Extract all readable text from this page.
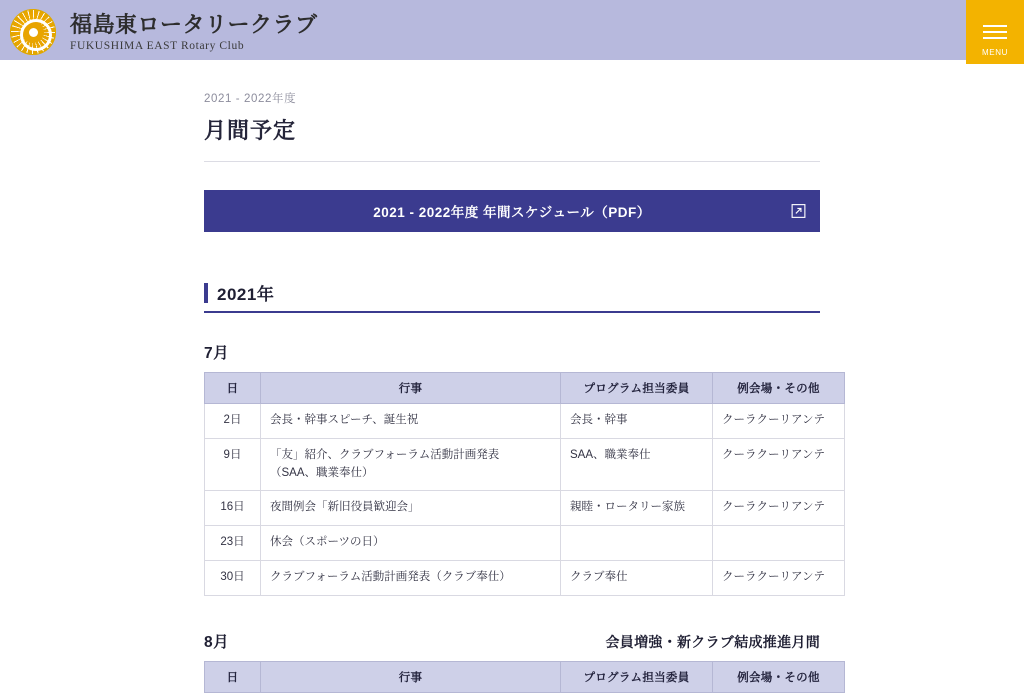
福島東ロータリークラブ
FUKUSHIMA EAST Rotary Club
MENU
2021 - 2022年度
月間予定
2021 - 2022年度 年間スケジュール（PDF）
2021年
7月
日	行事	プログラム担当委員	例会場・その他
2日	会長・幹事スピーチ、誕生祝	会長・幹事	クーラクーリアンテ
9日	「友」紹介、クラブフォーラム活動計画発表
（SAA、職業奉仕）	SAA、職業奉仕	クーラクーリアンテ
16日	夜間例会「新旧役員歓迎会」	親睦・ロータリー家族	クーラクーリアンテ
23日	休会（スポーツの日）		
30日	クラブフォーラム活動計画発表（クラブ奉仕）	クラブ奉仕	クーラクーリアンテ
8月	会員増強・新クラブ結成推進月間
日	行事	プログラム担当委員	例会場・その他
